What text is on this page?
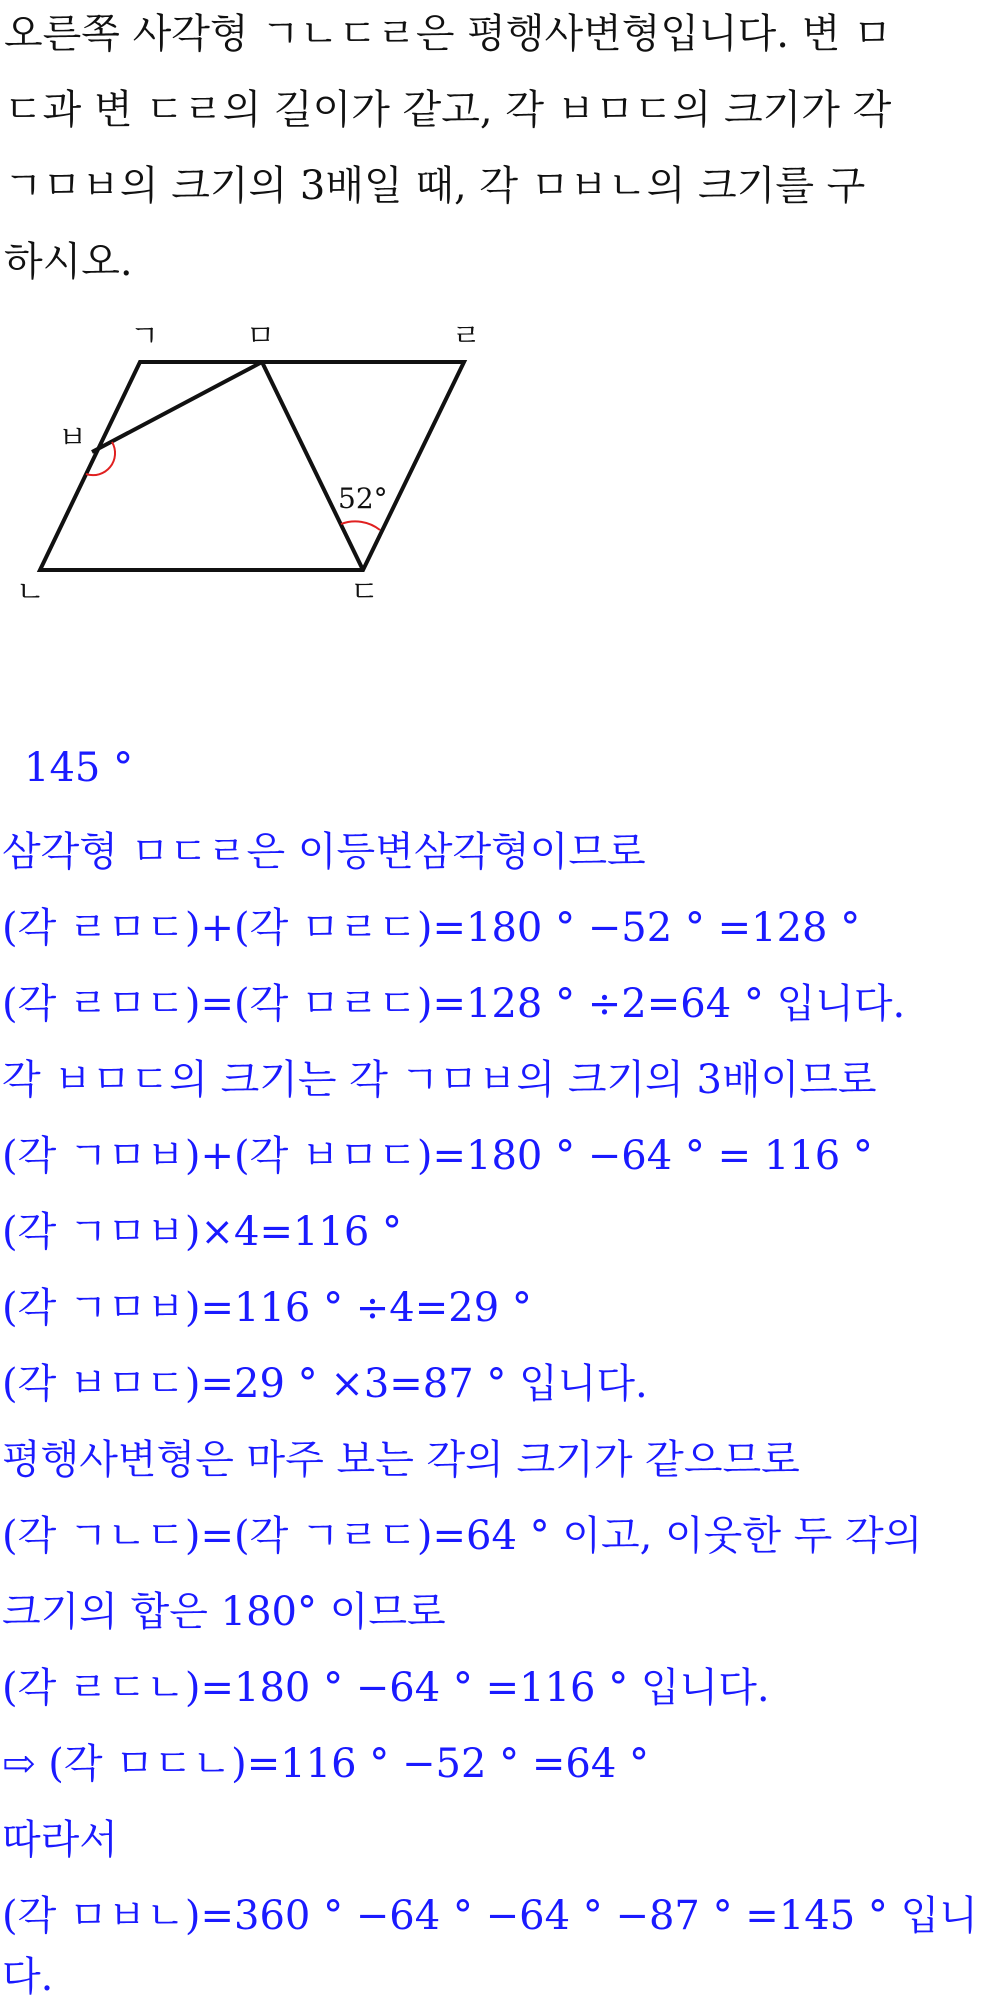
오른쪽 사각형 ㄱㄴㄷㄹ은 평행사변형입니다. 변 ㅁ
ㄷ과 변 ㄷㄹ의 길이가 같고, 각 ㅂㅁㄷ의 크기가 각
ㄱㅁㅂ의 크기의 3배일 때, 각 ㅁㅂㄴ의 크기를 구
하시오.
ㄱ	ㅁ	ㄹ
ㅂ
ㄴ	ㄷ
52°
145 °
삼각형 ㅁㄷㄹ은 이등변삼각형이므로
(각 ㄹㅁㄷ)+(각 ㅁㄹㄷ)=180 ° −52 ° =128 °
(각 ㄹㅁㄷ)=(각 ㅁㄹㄷ)=128 ° ÷2=64 ° 입니다.
각 ㅂㅁㄷ의 크기는 각 ㄱㅁㅂ의 크기의 3배이므로
(각 ㄱㅁㅂ)+(각 ㅂㅁㄷ)=180 ° −64 ° = 116 °
(각 ㄱㅁㅂ)×4=116 °
(각 ㄱㅁㅂ)=116 ° ÷4=29 °
(각 ㅂㅁㄷ)=29 ° ×3=87 ° 입니다.
평행사변형은 마주 보는 각의 크기가 같으므로
(각 ㄱㄴㄷ)=(각 ㄱㄹㄷ)=64 ° 이고, 이웃한 두 각의
크기의 합은 180° 이므로
(각 ㄹㄷㄴ)=180 ° −64 ° =116 ° 입니다.
⇨ (각 ㅁㄷㄴ)=116 ° −52 ° =64 °
따라서
(각 ㅁㅂㄴ)=360 ° −64 ° −64 ° −87 ° =145 ° 입니
다.
